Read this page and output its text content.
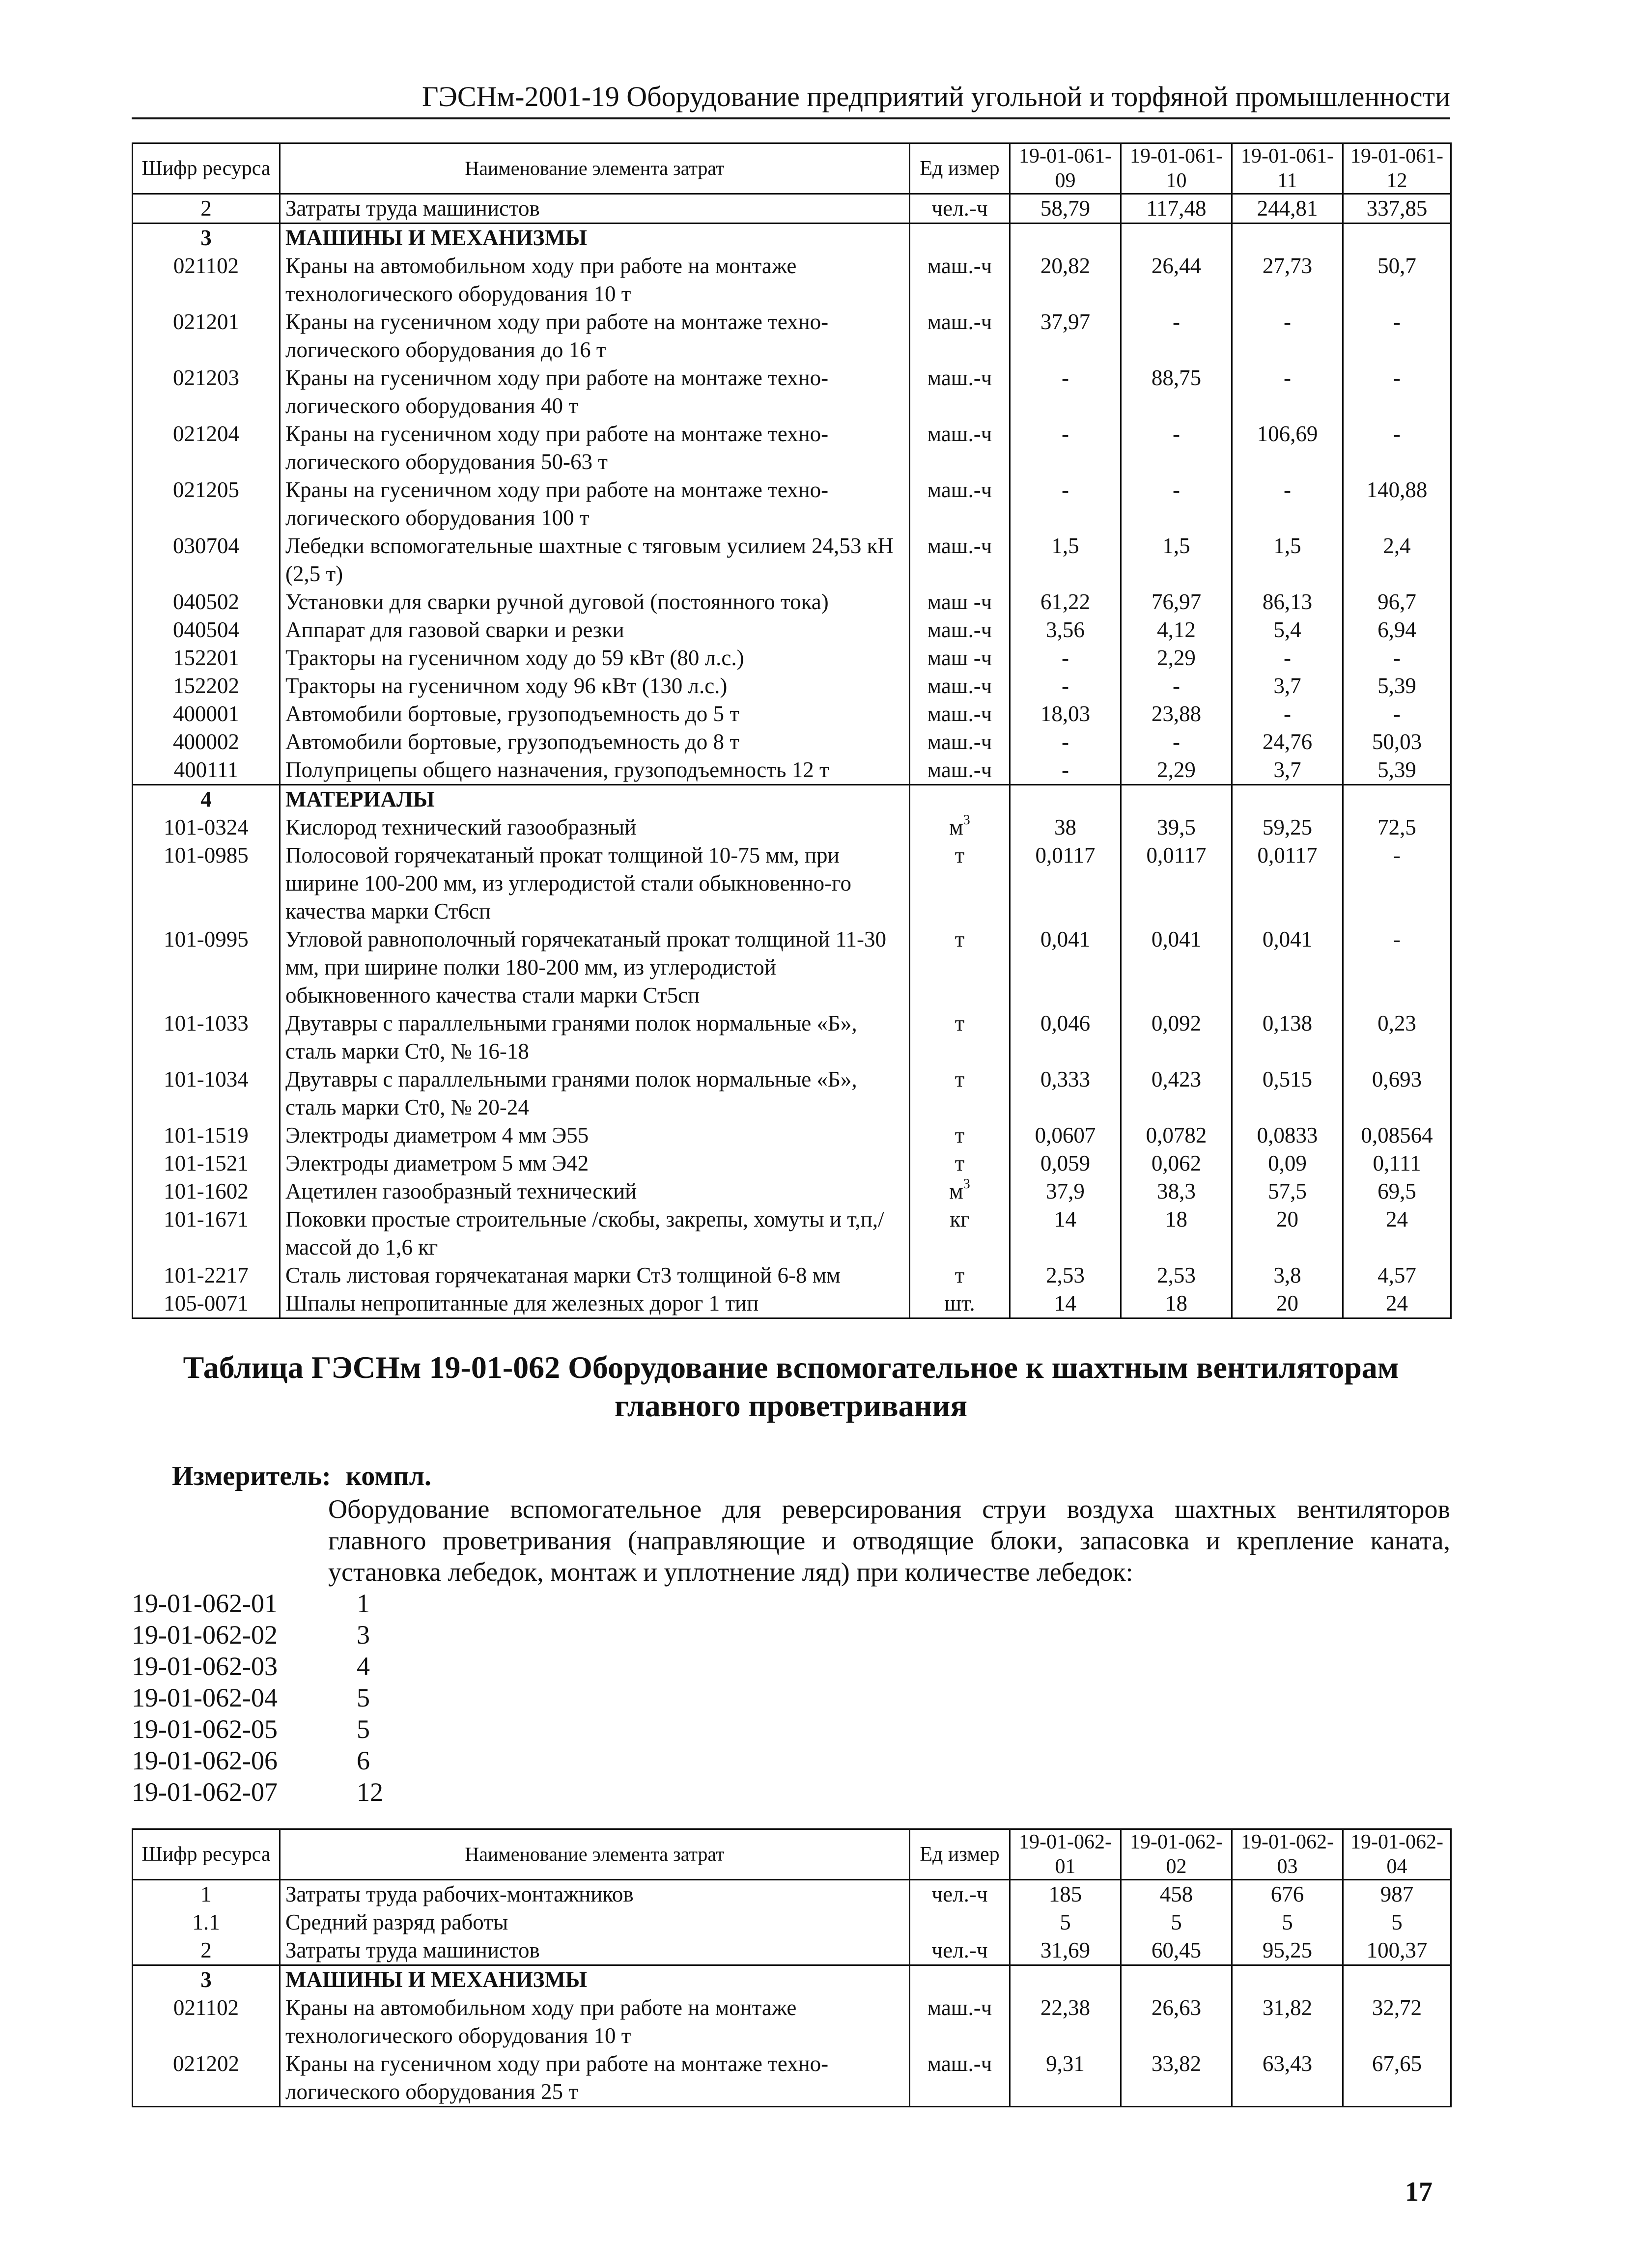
ГЭСНм-2001-19 Оборудование предприятий угольной и торфяной промышленности
Шифр ресурса	Наименование элемента затрат	Ед измер	19-01-061-09	19-01-061-10	19-01-061-11	19-01-061-12
2	Затраты труда машинистов	чел.-ч	58,79	117,48	244,81	337,85
3	МАШИНЫ И МЕХАНИЗМЫ					
021102	Краны на автомобильном ходу при работе на монтаже технологического оборудования 10 т	маш.-ч	20,82	26,44	27,73	50,7
021201	Краны на гусеничном ходу при работе на монтаже техно-логического оборудования до 16 т	маш.-ч	37,97	-	-	-
021203	Краны на гусеничном ходу при работе на монтаже техно-логического оборудования 40 т	маш.-ч	-	88,75	-	-
021204	Краны на гусеничном ходу при работе на монтаже техно-логического оборудования 50-63 т	маш.-ч	-	-	106,69	-
021205	Краны на гусеничном ходу при работе на монтаже техно-логического оборудования 100 т	маш.-ч	-	-	-	140,88
030704	Лебедки вспомогательные шахтные с тяговым усилием 24,53 кН (2,5 т)	маш.-ч	1,5	1,5	1,5	2,4
040502	Установки для сварки ручной дуговой (постоянного тока)	маш -ч	61,22	76,97	86,13	96,7
040504	Аппарат для газовой сварки и резки	маш.-ч	3,56	4,12	5,4	6,94
152201	Тракторы на гусеничном ходу до 59 кВт (80 л.с.)	маш -ч	-	2,29	-	-
152202	Тракторы на гусеничном ходу 96 кВт (130 л.с.)	маш.-ч	-	-	3,7	5,39
400001	Автомобили бортовые, грузоподъемность до 5 т	маш.-ч	18,03	23,88	-	-
400002	Автомобили бортовые, грузоподъемность до 8 т	маш.-ч	-	-	24,76	50,03
400111	Полуприцепы общего назначения, грузоподъемность 12 т	маш.-ч	-	2,29	3,7	5,39
4	МАТЕРИАЛЫ					
101-0324	Кислород технический газообразный	$м^3$	38	39,5	59,25	72,5
101-0985	Полосовой горячекатаный прокат толщиной 10-75 мм, при ширине 100-200 мм, из углеродистой стали обыкновенно-го качества марки Ст6сп	т	0,0117	0,0117	0,0117	-
101-0995	Угловой равнополочный горячекатаный прокат толщиной 11-30 мм, при ширине полки 180-200 мм, из углеродистой обыкновенного качества стали марки Ст5сп	т	0,041	0,041	0,041	-
101-1033	Двутавры с параллельными гранями полок нормальные «Б», сталь марки Ст0, № 16-18	т	0,046	0,092	0,138	0,23
101-1034	Двутавры с параллельными гранями полок нормальные «Б», сталь марки Ст0, № 20-24	т	0,333	0,423	0,515	0,693
101-1519	Электроды диаметром 4 мм Э55	т	0,0607	0,0782	0,0833	0,08564
101-1521	Электроды диаметром 5 мм Э42	т	0,059	0,062	0,09	0,111
101-1602	Ацетилен газообразный технический	$м^3$	37,9	38,3	57,5	69,5
101-1671	Поковки простые строительные /скобы, закрепы, хомуты и т,п,/ массой до 1,6 кг	кг	14	18	20	24
101-2217	Сталь листовая горячекатаная марки Ст3 толщиной 6-8 мм	т	2,53	2,53	3,8	4,57
105-0071	Шпалы непропитанные для железных дорог 1 тип	шт.	14	18	20	24
Таблица ГЭСНм 19-01-062 Оборудование вспомогательное к шахтным вентиляторам главного проветривания
Измеритель: компл.
Оборудование вспомогательное для реверсирования струи воздуха шахтных вентиляторов главного проветривания (направляющие и отводящие блоки, запасовка и крепление каната, установка лебедок, монтаж и уплотнение ляд) при количестве лебедок:
19-01-062-01	1
19-01-062-02	3
19-01-062-03	4
19-01-062-04	5
19-01-062-05	5
19-01-062-06	6
19-01-062-07	12
Шифр ресурса	Наименование элемента затрат	Ед измер	19-01-062-01	19-01-062-02	19-01-062-03	19-01-062-04
1	Затраты труда рабочих-монтажников	чел.-ч	185	458	676	987
1.1	Средний разряд работы		5	5	5	5
2	Затраты труда машинистов	чел.-ч	31,69	60,45	95,25	100,37
3	МАШИНЫ И МЕХАНИЗМЫ					
021102	Краны на автомобильном ходу при работе на монтаже технологического оборудования 10 т	маш.-ч	22,38	26,63	31,82	32,72
021202	Краны на гусеничном ходу при работе на монтаже техно-логического оборудования 25 т	маш.-ч	9,31	33,82	63,43	67,65
17
